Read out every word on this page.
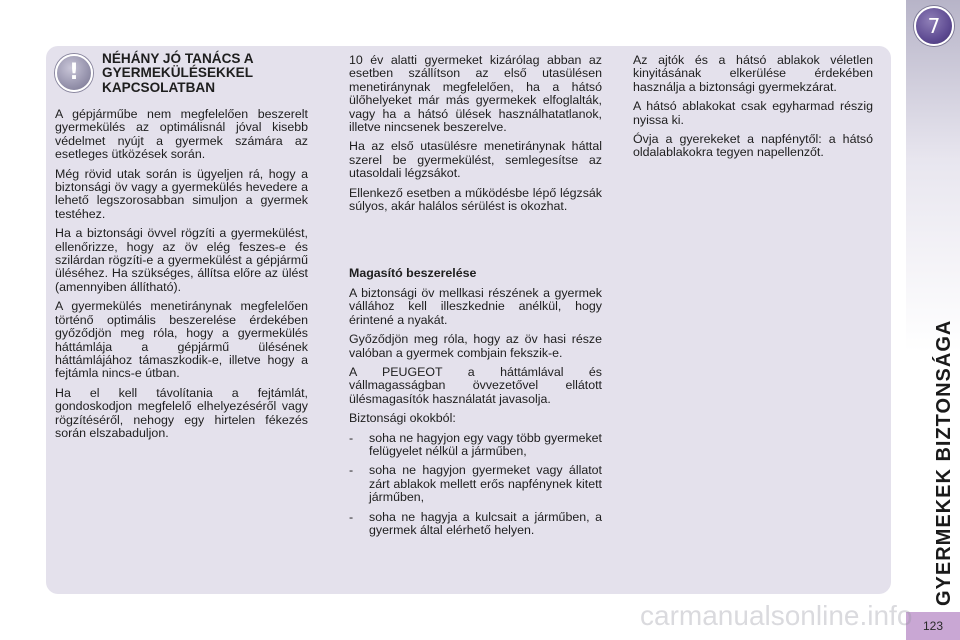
!
NÉHÁNY JÓ TANÁCS A
GYERMEKÜLÉSEKKEL
KAPCSOLATBAN

A gépjárműbe nem megfelelően beszerelt gyermekülés az optimálisnál jóval kisebb védelmet nyújt a gyermek számára az esetleges ütközések során.

Még rövid utak során is ügyeljen rá, hogy a biztonsági öv vagy a gyermekülés hevedere a lehető legszorosabban simuljon a gyermek testéhez.

Ha a biztonsági övvel rögzíti a gyermekülést, ellenőrizze, hogy az öv elég feszes-e és szilárdan rögzíti-e a gyermekülést a gépjármű üléséhez. Ha szükséges, állítsa előre az ülést (amennyiben állítható).

A gyermekülés menetiránynak megfelelően történő optimális beszerelése érdekében győződjön meg róla, hogy a gyermekülés háttámlája a gépjármű ülésének háttámlájához támaszkodik-e, illetve hogy a fejtámla nincs-e útban.

Ha el kell távolítania a fejtámlát, gondoskodjon megfelelő elhelyezéséről vagy rögzítéséről, nehogy egy hirtelen fékezés során elszabaduljon.

10 év alatti gyermeket kizárólag abban az esetben szállítson az első utasülésen menetiránynak megfelelően, ha a hátsó ülőhelyeket már más gyermekek elfoglalták, vagy ha a hátsó ülések használhatatlanok, illetve nincsenek beszerelve.

Ha az első utasülésre menetiránynak háttal szerel be gyermekülést, semlegesítse az utasoldali légzsákot.

Ellenkező esetben a működésbe lépő légzsák súlyos, akár halálos sérülést is okozhat.

Magasító beszerelése

A biztonsági öv mellkasi részének a gyermek vállához kell illeszkednie anélkül, hogy érintené a nyakát.

Győződjön meg róla, hogy az öv hasi része valóban a gyermek combjain fekszik-e.

A PEUGEOT a háttámlával és vállmagasságban övvezetővel ellátott ülésmagasítók használatát javasolja.

Biztonsági okokból:

-	soha ne hagyjon egy vagy több gyermeket felügyelet nélkül a járműben,
-	soha ne hagyjon gyermeket vagy állatot zárt ablakok mellett erős napfénynek kitett járműben,
-	soha ne hagyja a kulcsait a járműben, a gyermek által elérhető helyen.

Az ajtók és a hátsó ablakok véletlen kinyitásának elkerülése érdekében használja a biztonsági gyermekzárat.

A hátsó ablakokat csak egyharmad részig nyissa ki.

Óvja a gyerekeket a napfénytől: a hátsó oldalablakokra tegyen napellenzőt.

7
GYERMEKEK BIZTONSÁGA
123
carmanualsonline.info
